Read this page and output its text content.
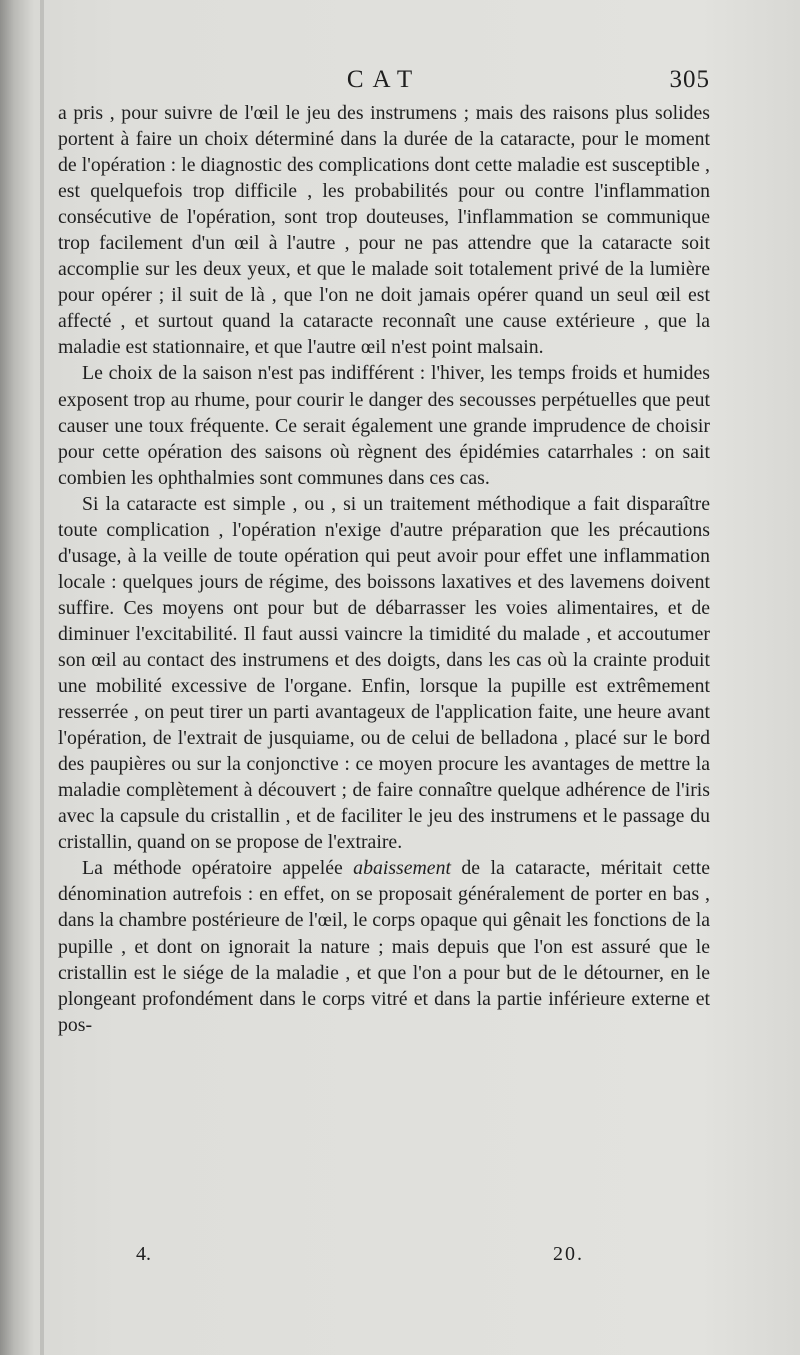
CAT	305

a pris , pour suivre de l'œil le jeu des instrumens ; mais des raisons plus solides portent à faire un choix déterminé dans la durée de la cataracte, pour le moment de l'opération : le diagnostic des complications dont cette maladie est susceptible , est quelquefois trop difficile , les probabilités pour ou contre l'inflammation consécutive de l'opération, sont trop douteuses, l'inflammation se communique trop facilement d'un œil à l'autre , pour ne pas attendre que la cataracte soit accomplie sur les deux yeux, et que le malade soit totalement privé de la lumière pour opérer ; il suit de là , que l'on ne doit jamais opérer quand un seul œil est affecté , et surtout quand la cataracte reconnaît une cause extérieure , que la maladie est stationnaire, et que l'autre œil n'est point malsain.

Le choix de la saison n'est pas indifférent : l'hiver, les temps froids et humides exposent trop au rhume, pour courir le danger des secousses perpétuelles que peut causer une toux fréquente. Ce serait également une grande imprudence de choisir pour cette opération des saisons où règnent des épidémies catarrhales : on sait combien les ophthalmies sont communes dans ces cas.

Si la cataracte est simple , ou , si un traitement méthodique a fait disparaître toute complication , l'opération n'exige d'autre préparation que les précautions d'usage, à la veille de toute opération qui peut avoir pour effet une inflammation locale : quelques jours de régime, des boissons laxatives et des lavemens doivent suffire. Ces moyens ont pour but de débarrasser les voies alimentaires, et de diminuer l'excitabilité. Il faut aussi vaincre la timidité du malade , et accoutumer son œil au contact des instrumens et des doigts, dans les cas où la crainte produit une mobilité excessive de l'organe. Enfin, lorsque la pupille est extrêmement resserrée , on peut tirer un parti avantageux de l'application faite, une heure avant l'opération, de l'extrait de jusquiame, ou de celui de belladona , placé sur le bord des paupières ou sur la conjonctive : ce moyen procure les avantages de mettre la maladie complètement à découvert ; de faire connaître quelque adhérence de l'iris avec la capsule du cristallin , et de faciliter le jeu des instrumens et le passage du cristallin, quand on se propose de l'extraire.

La méthode opératoire appelée abaissement de la cataracte, méritait cette dénomination autrefois : en effet, on se proposait généralement de porter en bas , dans la chambre postérieure de l'œil, le corps opaque qui gênait les fonctions de la pupille , et dont on ignorait la nature ; mais depuis que l'on est assuré que le cristallin est le siége de la maladie , et que l'on a pour but de le détourner, en le plongeant profondément dans le corps vitré et dans la partie inférieure externe et pos-

4.	20.
